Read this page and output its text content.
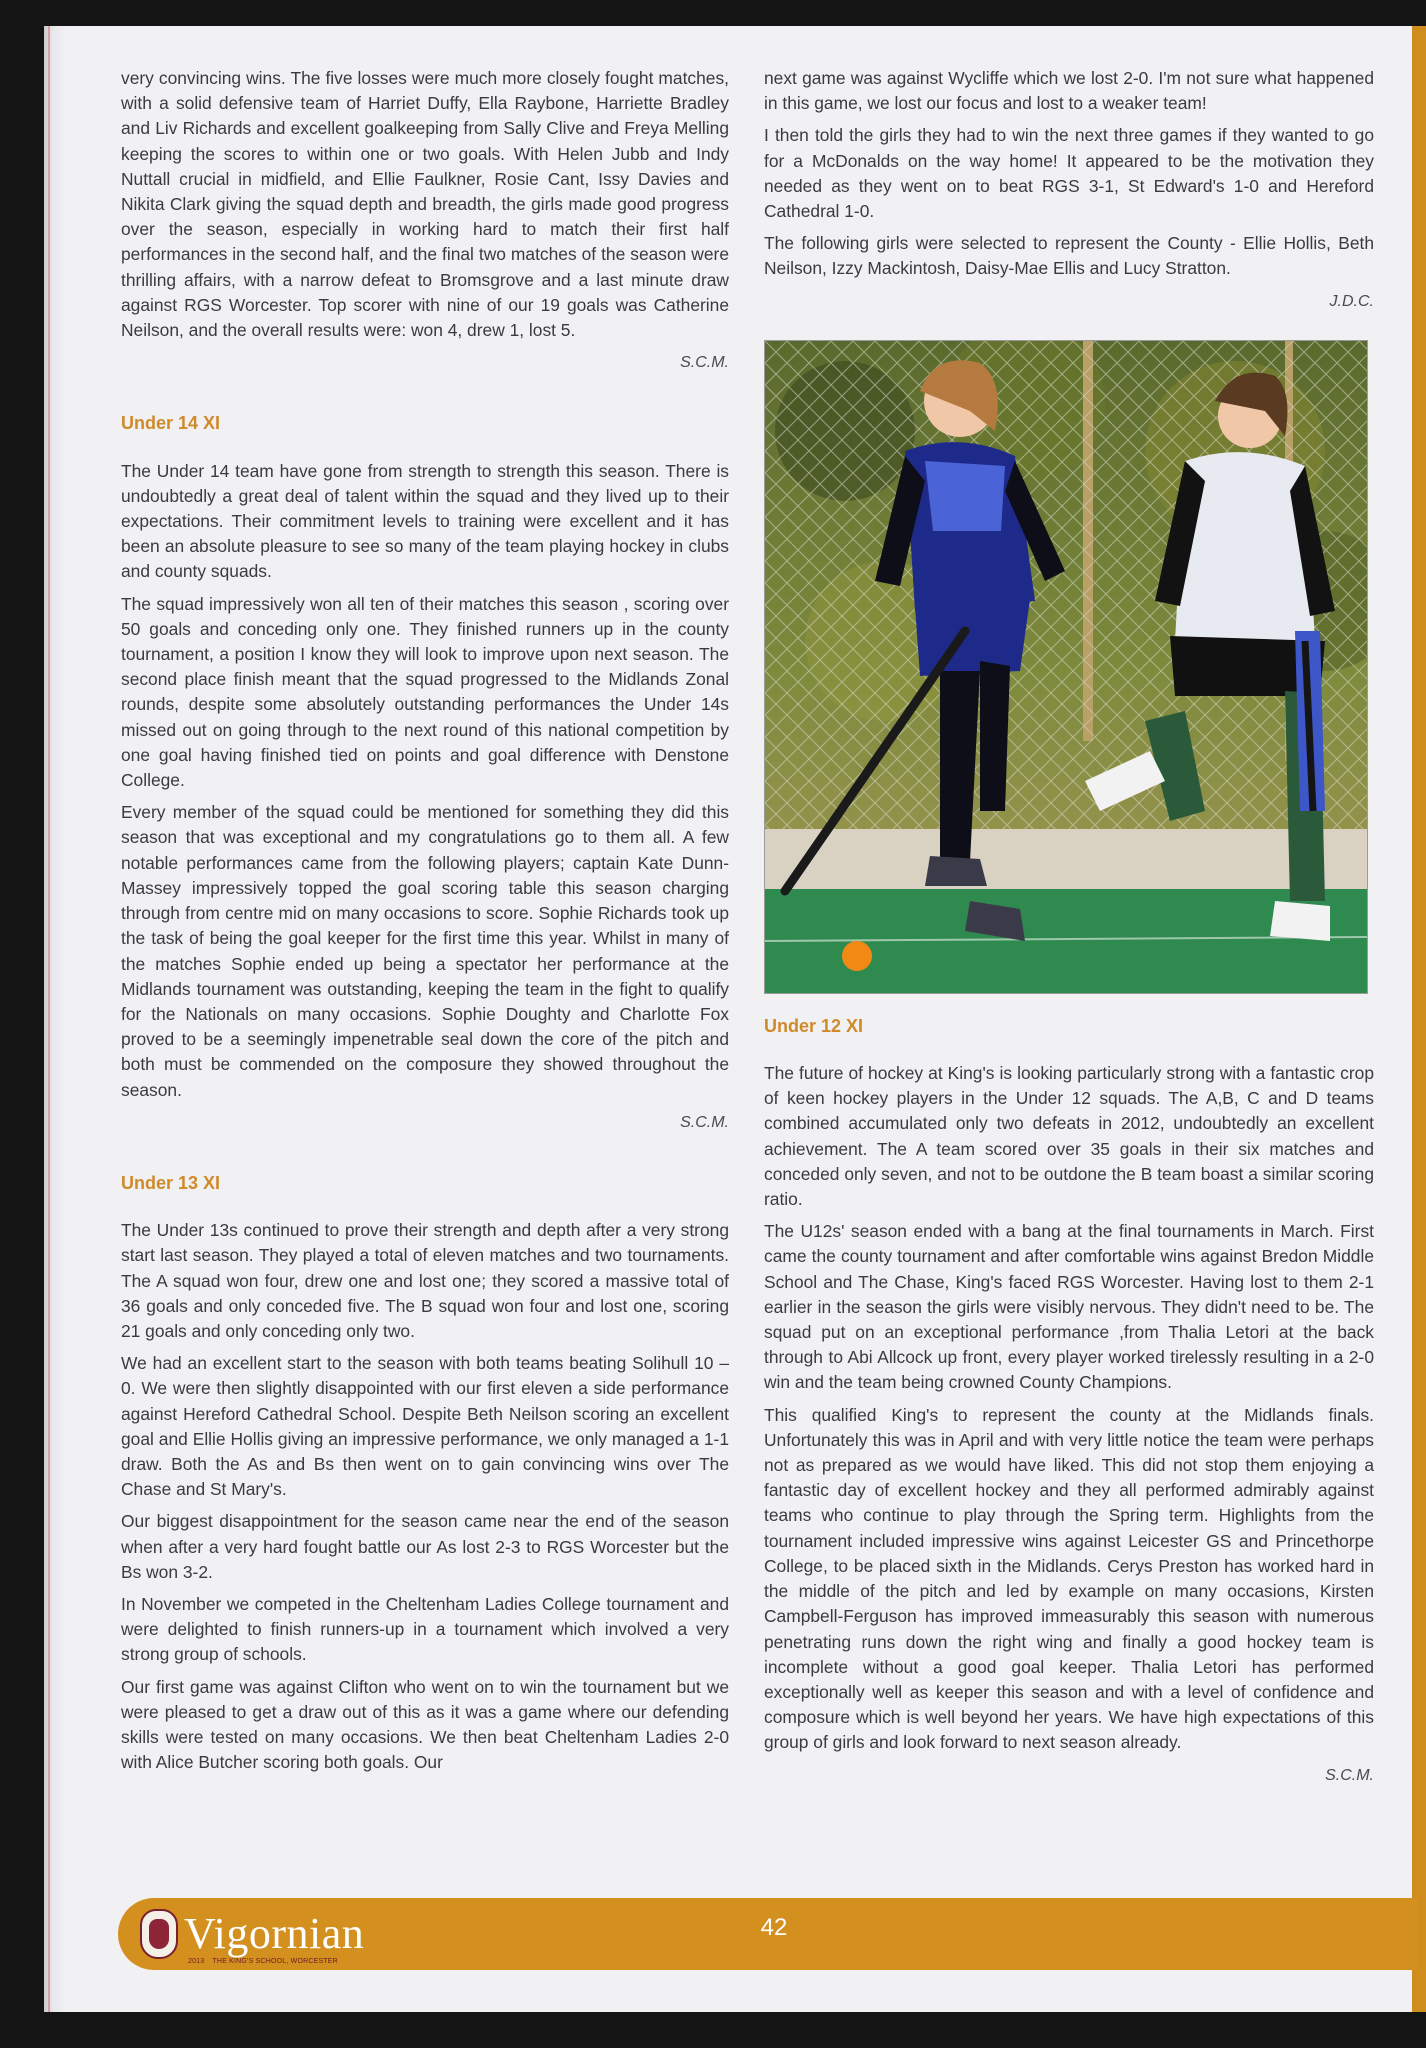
very convincing wins. The five losses were much more closely fought matches, with a solid defensive team of Harriet Duffy, Ella Raybone, Harriette Bradley and Liv Richards and excellent goalkeeping from Sally Clive and Freya Melling keeping the scores to within one or two goals. With Helen Jubb and Indy Nuttall crucial in midfield, and Ellie Faulkner, Rosie Cant, Issy Davies and Nikita Clark giving the squad depth and breadth, the girls made good progress over the season, especially in working hard to match their first half performances in the second half, and the final two matches of the season were thrilling affairs, with a narrow defeat to Bromsgrove and a last minute draw against RGS Worcester. Top scorer with nine of our 19 goals was Catherine Neilson, and the overall results were: won 4, drew 1, lost 5.

S.C.M.

Under 14 XI

The Under 14 team have gone from strength to strength this season. There is undoubtedly a great deal of talent within the squad and they lived up to their expectations. Their commitment levels to training were excellent and it has been an absolute pleasure to see so many of the team playing hockey in clubs and county squads.

The squad impressively won all ten of their matches this season , scoring over 50 goals and conceding only one. They finished runners up in the county tournament, a position I know they will look to improve upon next season. The second place finish meant that the squad progressed to the Midlands Zonal rounds, despite some absolutely outstanding performances the Under 14s missed out on going through to the next round of this national competition by one goal having finished tied on points and goal difference with Denstone College.

Every member of the squad could be mentioned for something they did this season that was exceptional and my congratulations go to them all. A few notable performances came from the following players; captain Kate Dunn-Massey impressively topped the goal scoring table this season charging through from centre mid on many occasions to score. Sophie Richards took up the task of being the goal keeper for the first time this year. Whilst in many of the matches Sophie ended up being a spectator her performance at the Midlands tournament was outstanding, keeping the team in the fight to qualify for the Nationals on many occasions. Sophie Doughty and Charlotte Fox proved to be a seemingly impenetrable seal down the core of the pitch and both must be commended on the composure they showed throughout the season.

S.C.M.

Under 13 XI

The Under 13s continued to prove their strength and depth after a very strong start last season. They played a total of eleven matches and two tournaments. The A squad won four, drew one and lost one; they scored a massive total of 36 goals and only conceded five. The B squad won four and lost one, scoring 21 goals and only conceding only two.

We had an excellent start to the season with both teams beating Solihull 10 – 0. We were then slightly disappointed with our first eleven a side performance against Hereford Cathedral School. Despite Beth Neilson scoring an excellent goal and Ellie Hollis giving an impressive performance, we only managed a 1-1 draw. Both the As and Bs then went on to gain convincing wins over The Chase and St Mary's.

Our biggest disappointment for the season came near the end of the season when after a very hard fought battle our As lost 2-3 to RGS Worcester but the Bs won 3-2.

In November we competed in the Cheltenham Ladies College tournament and were delighted to finish runners-up in a tournament which involved a very strong group of schools.

Our first game was against Clifton who went on to win the tournament but we were pleased to get a draw out of this as it was a game where our defending skills were tested on many occasions. We then beat Cheltenham Ladies 2-0 with Alice Butcher scoring both goals. Our

next game was against Wycliffe which we lost 2-0. I'm not sure what happened in this game, we lost our focus and lost to a weaker team!

I then told the girls they had to win the next three games if they wanted to go for a McDonalds on the way home! It appeared to be the motivation they needed as they went on to beat RGS 3-1, St Edward's 1-0 and Hereford Cathedral 1-0.

The following girls were selected to represent the County - Ellie Hollis, Beth Neilson, Izzy Mackintosh, Daisy-Mae Ellis and Lucy Stratton.

J.D.C.

Under 12 XI

The future of hockey at King's is looking particularly strong with a fantastic crop of keen hockey players in the Under 12 squads. The A,B, C and D teams combined accumulated only two defeats in 2012, undoubtedly an excellent achievement. The A team scored over 35 goals in their six matches and conceded only seven, and not to be outdone the B team boast a similar scoring ratio.

The U12s' season ended with a bang at the final tournaments in March. First came the county tournament and after comfortable wins against Bredon Middle School and The Chase, King's faced RGS Worcester. Having lost to them 2-1 earlier in the season the girls were visibly nervous. They didn't need to be. The squad put on an exceptional performance ,from Thalia Letori at the back through to Abi Allcock up front, every player worked tirelessly resulting in a 2-0 win and the team being crowned County Champions.

This qualified King's to represent the county at the Midlands finals. Unfortunately this was in April and with very little notice the team were perhaps not as prepared as we would have liked. This did not stop them enjoying a fantastic day of excellent hockey and they all performed admirably against teams who continue to play through the Spring term. Highlights from the tournament included impressive wins against Leicester GS and Princethorpe College, to be placed sixth in the Midlands. Cerys Preston has worked hard in the middle of the pitch and led by example on many occasions, Kirsten Campbell-Ferguson has improved immeasurably this season with numerous penetrating runs down the right wing and finally a good hockey team is incomplete without a good goal keeper. Thalia Letori has performed exceptionally well as keeper this season and with a level of confidence and composure which is well beyond her years. We have high expectations of this group of girls and look forward to next season already.

S.C.M.

Vigornian
2013 THE KING'S SCHOOL, WORCESTER
42
